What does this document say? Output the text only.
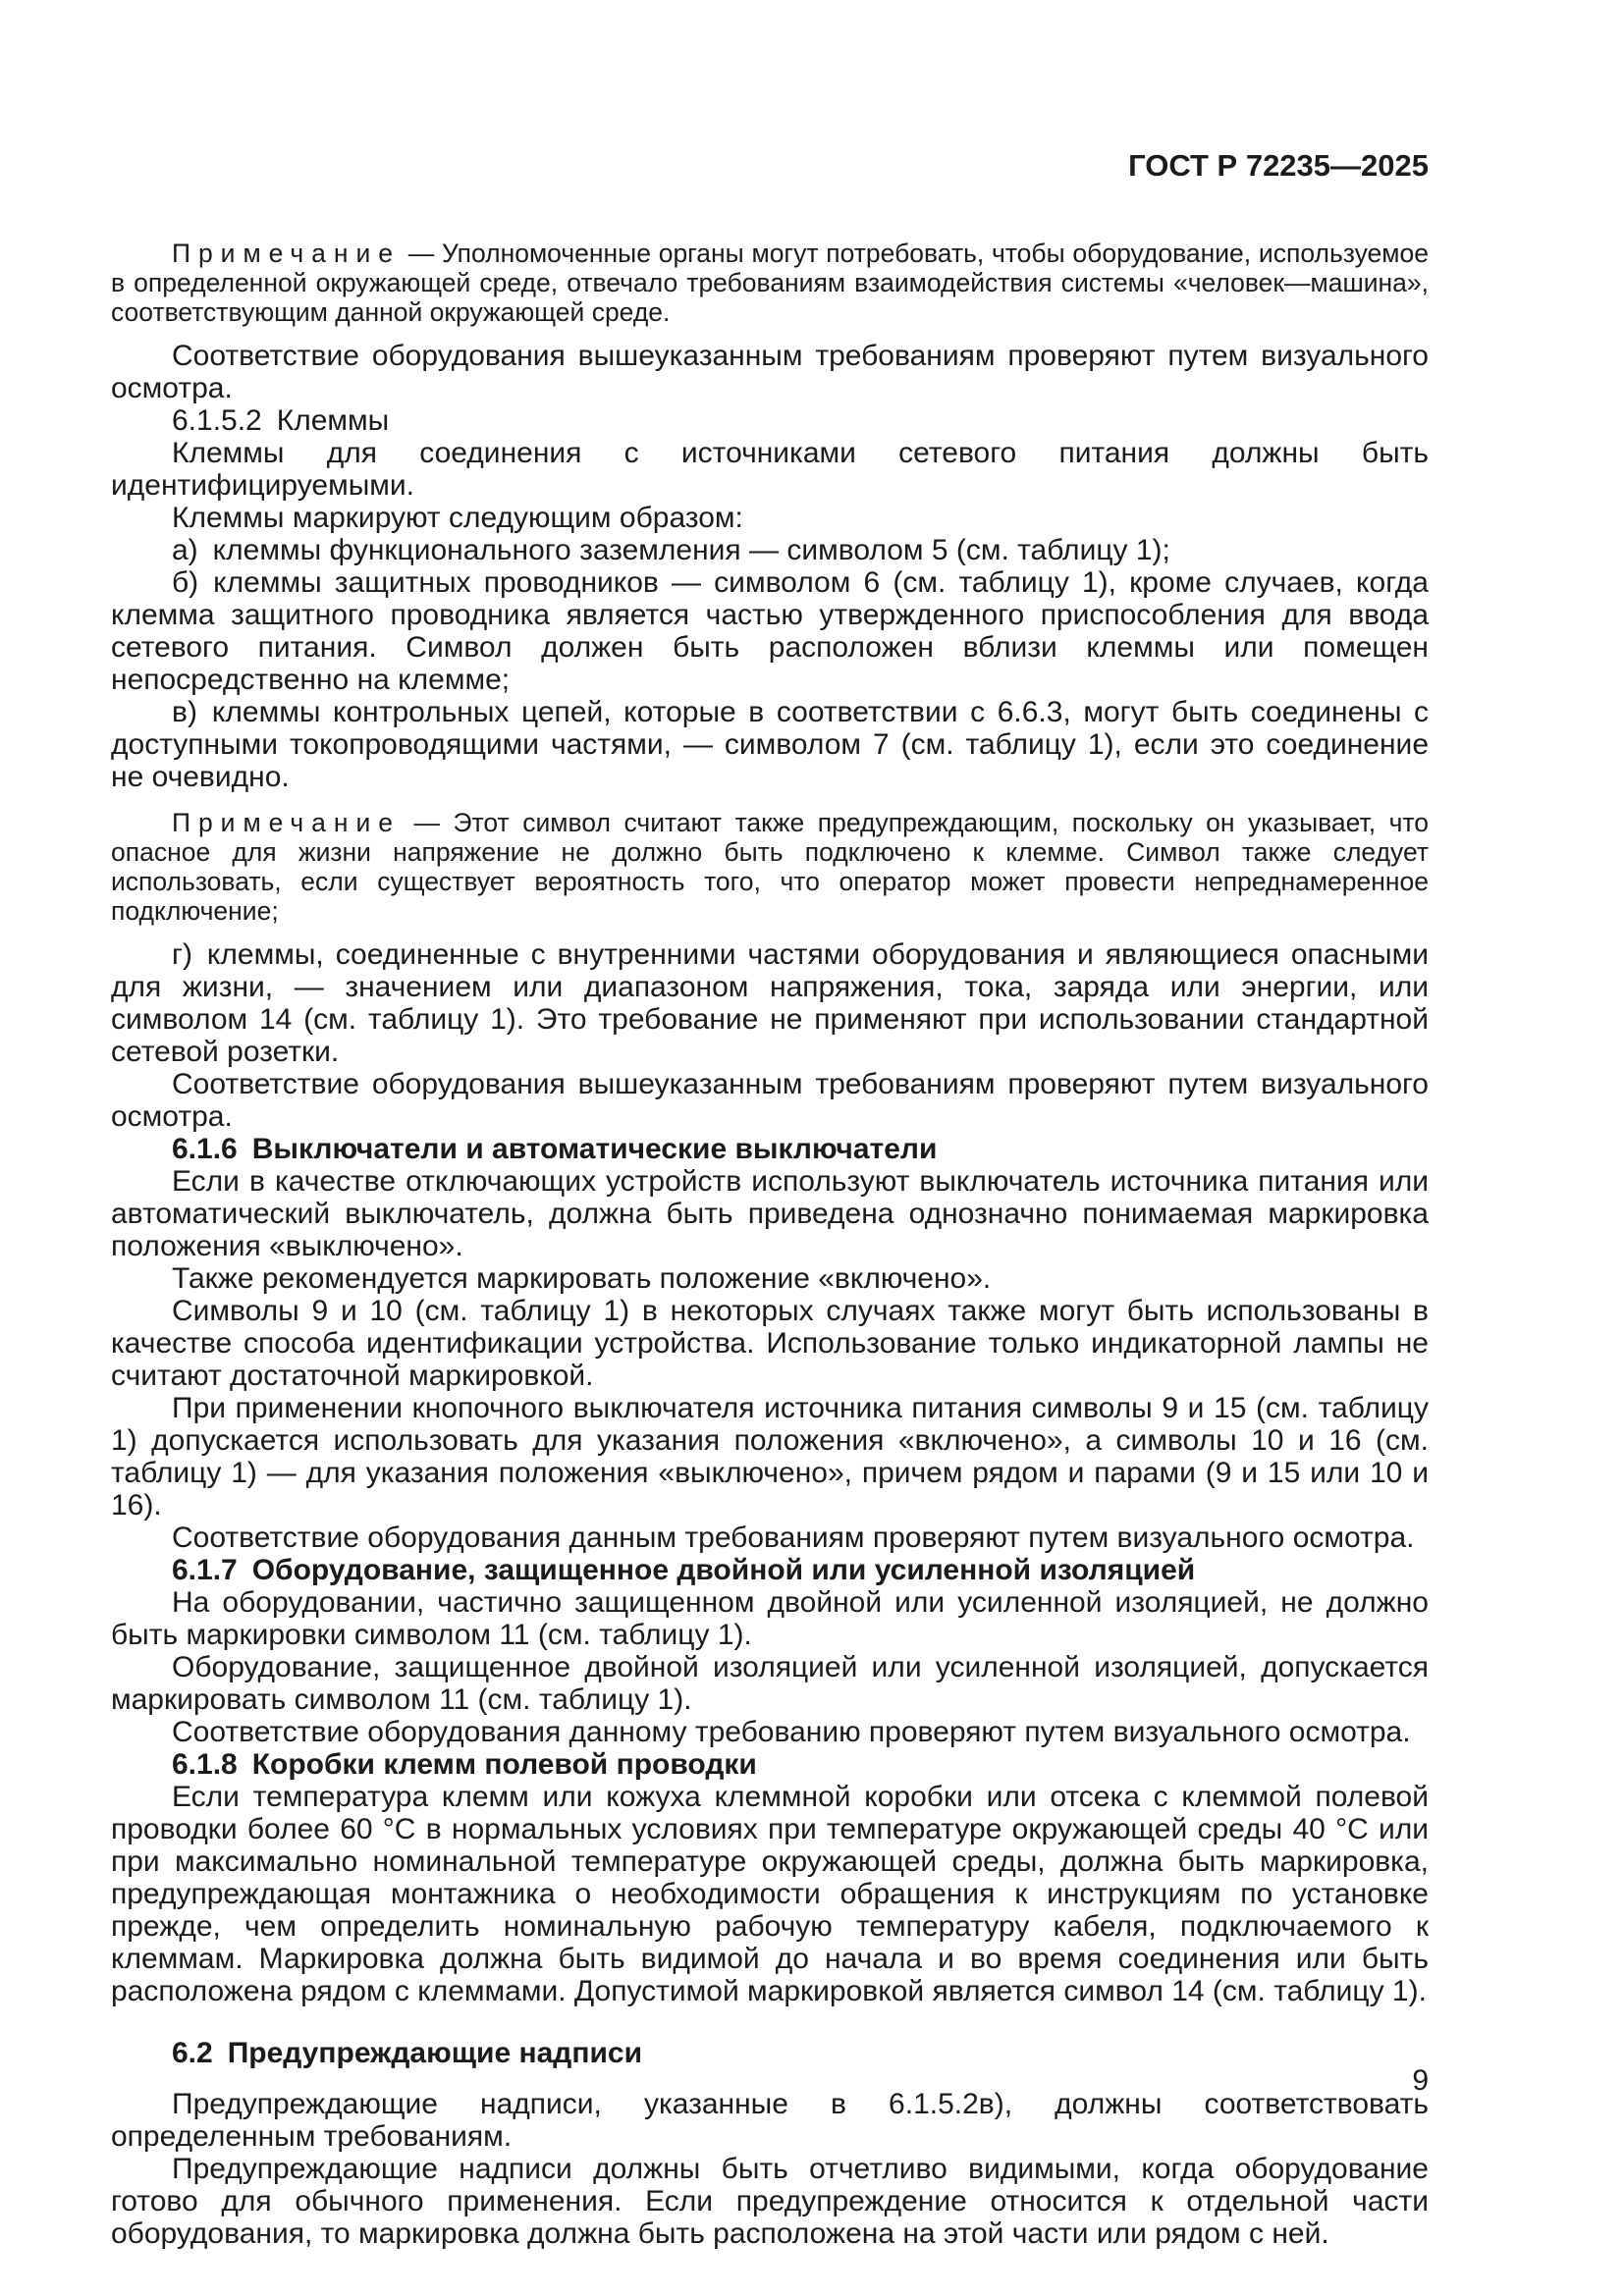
ГОСТ Р 72235—2025

Примечание — Уполномоченные органы могут потребовать, чтобы оборудование, используемое в определенной окружающей среде, отвечало требованиям взаимодействия системы «человек—машина», соответствующим данной окружающей среде.

Соответствие оборудования вышеуказанным требованиям проверяют путем визуального осмотра.

6.1.5.2 Клеммы

Клеммы для соединения с источниками сетевого питания должны быть идентифицируемыми.

Клеммы маркируют следующим образом:

а) клеммы функционального заземления — символом 5 (см. таблицу 1);

б) клеммы защитных проводников — символом 6 (см. таблицу 1), кроме случаев, когда клемма защитного проводника является частью утвержденного приспособления для ввода сетевого питания. Символ должен быть расположен вблизи клеммы или помещен непосредственно на клемме;

в) клеммы контрольных цепей, которые в соответствии с 6.6.3, могут быть соединены с доступными токопроводящими частями, — символом 7 (см. таблицу 1), если это соединение не очевидно.

Примечание — Этот символ считают также предупреждающим, поскольку он указывает, что опасное для жизни напряжение не должно быть подключено к клемме. Символ также следует использовать, если существует вероятность того, что оператор может провести непреднамеренное подключение;

г) клеммы, соединенные с внутренними частями оборудования и являющиеся опасными для жизни, — значением или диапазоном напряжения, тока, заряда или энергии, или символом 14 (см. таблицу 1). Это требование не применяют при использовании стандартной сетевой розетки.

Соответствие оборудования вышеуказанным требованиям проверяют путем визуального осмотра.

6.1.6 Выключатели и автоматические выключатели

Если в качестве отключающих устройств используют выключатель источника питания или автоматический выключатель, должна быть приведена однозначно понимаемая маркировка положения «выключено».

Также рекомендуется маркировать положение «включено».

Символы 9 и 10 (см. таблицу 1) в некоторых случаях также могут быть использованы в качестве способа идентификации устройства. Использование только индикаторной лампы не считают достаточной маркировкой.

При применении кнопочного выключателя источника питания символы 9 и 15 (см. таблицу 1) допускается использовать для указания положения «включено», а символы 10 и 16 (см. таблицу 1) — для указания положения «выключено», причем рядом и парами (9 и 15 или 10 и 16).

Соответствие оборудования данным требованиям проверяют путем визуального осмотра.

6.1.7 Оборудование, защищенное двойной или усиленной изоляцией

На оборудовании, частично защищенном двойной или усиленной изоляцией, не должно быть маркировки символом 11 (см. таблицу 1).

Оборудование, защищенное двойной изоляцией или усиленной изоляцией, допускается маркировать символом 11 (см. таблицу 1).

Соответствие оборудования данному требованию проверяют путем визуального осмотра.

6.1.8 Коробки клемм полевой проводки

Если температура клемм или кожуха клеммной коробки или отсека с клеммой полевой проводки более 60 °С в нормальных условиях при температуре окружающей среды 40 °С или при максимально номинальной температуре окружающей среды, должна быть маркировка, предупреждающая монтажника о необходимости обращения к инструкциям по установке прежде, чем определить номинальную рабочую температуру кабеля, подключаемого к клеммам. Маркировка должна быть видимой до начала и во время соединения или быть расположена рядом с клеммами. Допустимой маркировкой является символ 14 (см. таблицу 1).

6.2 Предупреждающие надписи

Предупреждающие надписи, указанные в 6.1.5.2в), должны соответствовать определенным требованиям.

Предупреждающие надписи должны быть отчетливо видимыми, когда оборудование готово для обычного применения. Если предупреждение относится к отдельной части оборудования, то маркировка должна быть расположена на этой части или рядом с ней.

9
